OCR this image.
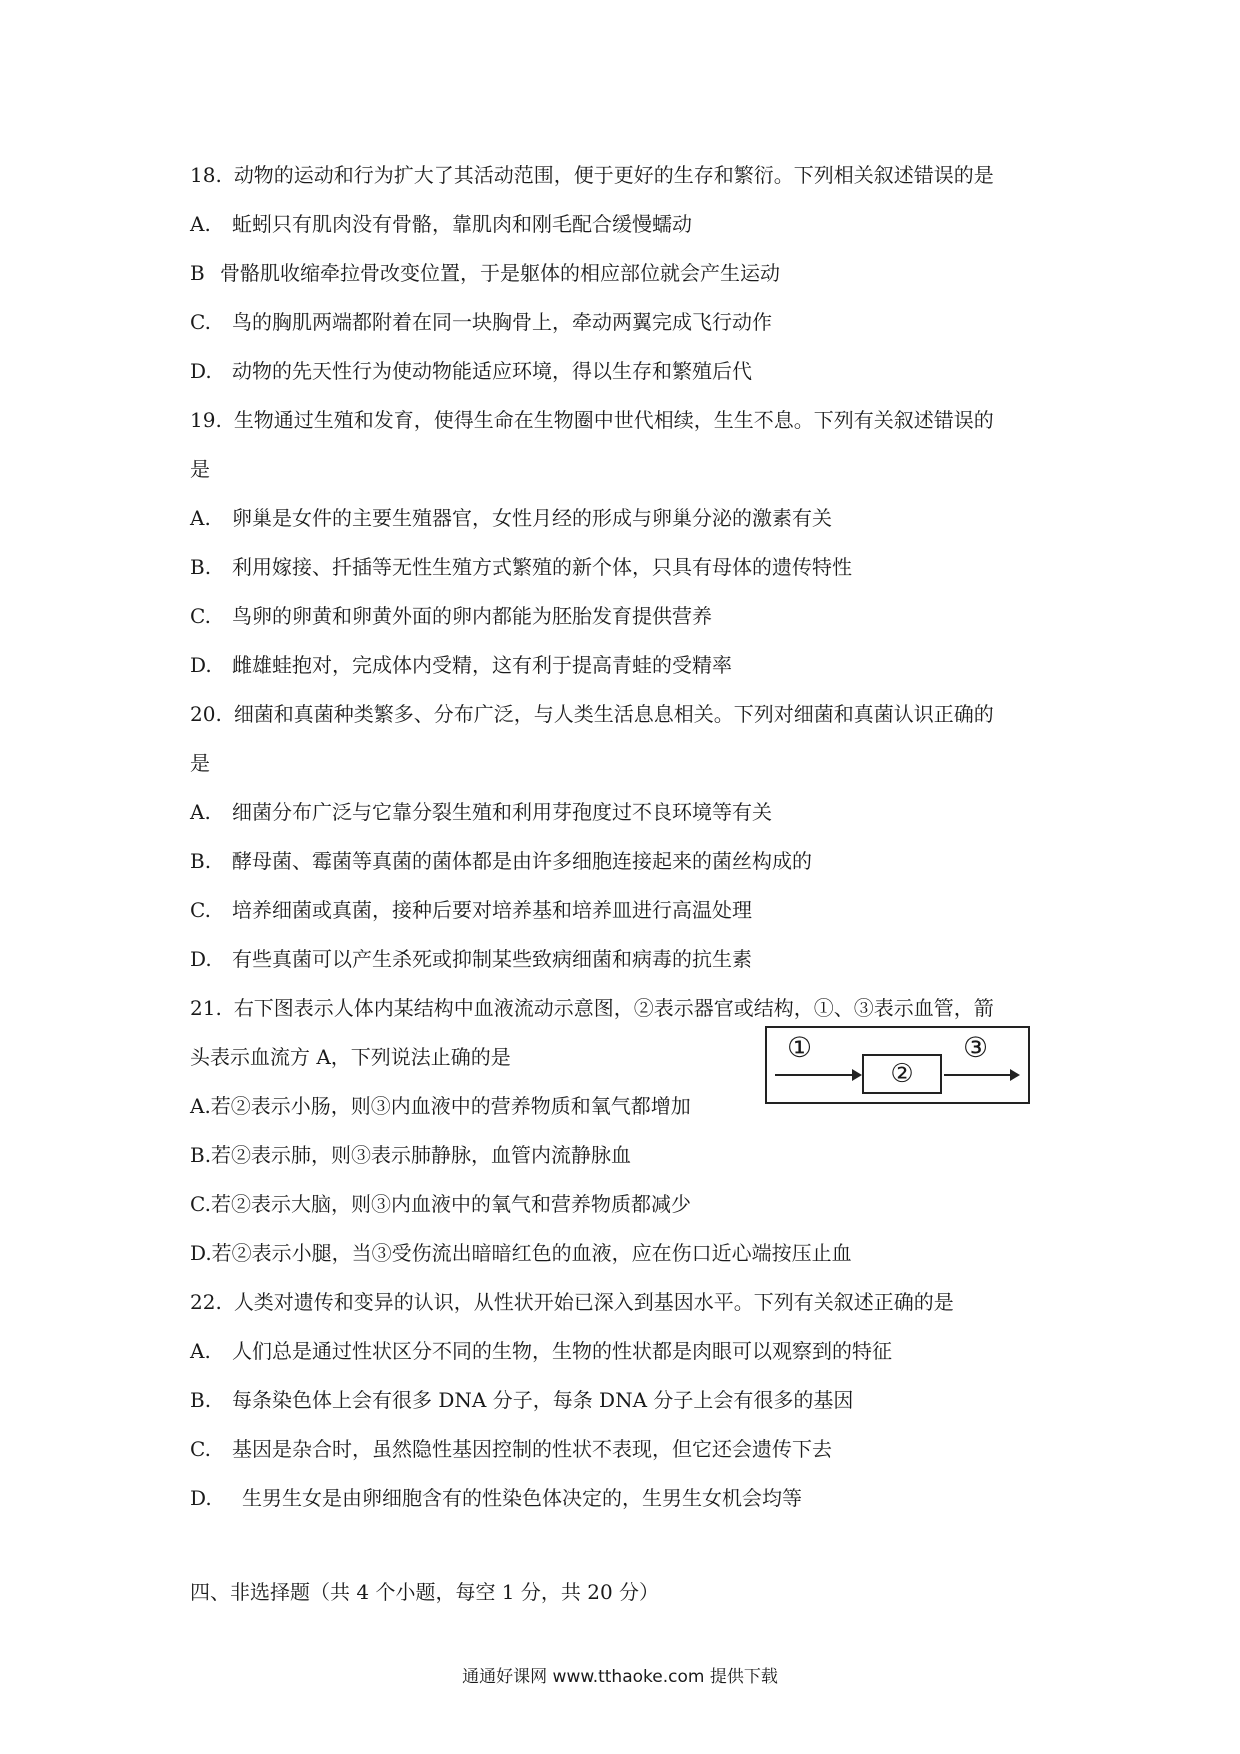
18. 动物的运动和行为扩大了其活动范围，便于更好的生存和繁衍。下列相关叙述错误的是
A. 蚯蚓只有肌肉没有骨骼，靠肌肉和刚毛配合缓慢蠕动
B 骨骼肌收缩牵拉骨改变位置，于是躯体的相应部位就会产生运动
C. 鸟的胸肌两端都附着在同一块胸骨上，牵动两翼完成飞行动作
D. 动物的先天性行为使动物能适应环境，得以生存和繁殖后代
19. 生物通过生殖和发育，使得生命在生物圈中世代相续，生生不息。下列有关叙述错误的
是
A. 卵巢是女件的主要生殖器官，女性月经的形成与卵巢分泌的激素有关
B. 利用嫁接、扦插等无性生殖方式繁殖的新个体，只具有母体的遗传特性
C. 鸟卵的卵黄和卵黄外面的卵内都能为胚胎发育提供营养
D. 雌雄蛙抱对，完成体内受精，这有利于提高青蛙的受精率
20. 细菌和真菌种类繁多、分布广泛，与人类生活息息相关。下列对细菌和真菌认识正确的
是
A. 细菌分布广泛与它靠分裂生殖和利用芽孢度过不良环境等有关
B. 酵母菌、霉菌等真菌的菌体都是由许多细胞连接起来的菌丝构成的
C. 培养细菌或真菌，接种后要对培养基和培养皿进行高温处理
D. 有些真菌可以产生杀死或抑制某些致病细菌和病毒的抗生素
21. 右下图表示人体内某结构中血液流动示意图，②表示器官或结构，①、③表示血管，箭
头表示血流方 A，下列说法止确的是	①
②
③
A.若②表示小肠，则③内血液中的营养物质和氧气都增加
B.若②表示肺，则③表示肺静脉，血管内流静脉血
C.若②表示大脑，则③内血液中的氧气和营养物质都减少
D.若②表示小腿，当③受伤流出暗暗红色的血液，应在伤口近心端按压止血
22. 人类对遗传和变异的认识，从性状开始已深入到基因水平。下列有关叙述正确的是
A. 人们总是通过性状区分不同的生物，生物的性状都是肉眼可以观察到的特征
B. 每条染色体上会有很多 DNA 分子，每条 DNA 分子上会有很多的基因
C. 基因是杂合时，虽然隐性基因控制的性状不表现，但它还会遗传下去
D. 生男生女是由卵细胞含有的性染色体决定的，生男生女机会均等
四、非选择题（共 4 个小题，每空 1 分，共 20 分）
通通好课网 www.tthaoke.com 提供下载
